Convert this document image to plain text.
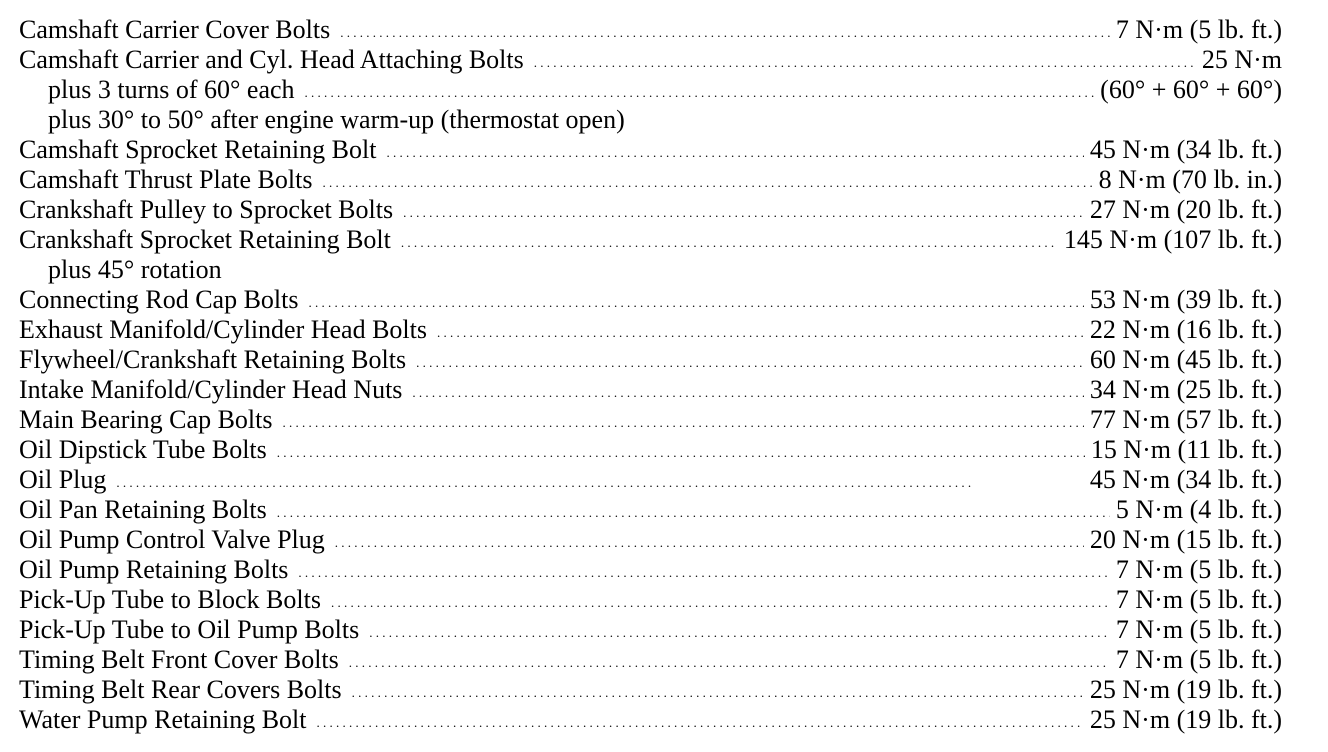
Camshaft Carrier Cover Bolts . . .	7 N·m (5 lb. ft.)
Camshaft Carrier and Cyl. Head Attaching Bolts . . .	25 N·m
plus 3 turns of 60° each . . .	(60° + 60° + 60°)
plus 30° to 50° after engine warm-up (thermostat open)
Camshaft Sprocket Retaining Bolt . . .	45 N·m (34 lb. ft.)
Camshaft Thrust Plate Bolts . . .	8 N·m (70 lb. in.)
Crankshaft Pulley to Sprocket Bolts . . .	27 N·m (20 lb. ft.)
Crankshaft Sprocket Retaining Bolt . . .	145 N·m (107 lb. ft.)
plus 45° rotation
Connecting Rod Cap Bolts . . .	53 N·m (39 lb. ft.)
Exhaust Manifold/Cylinder Head Bolts . . .	22 N·m (16 lb. ft.)
Flywheel/Crankshaft Retaining Bolts . . .	60 N·m (45 lb. ft.)
Intake Manifold/Cylinder Head Nuts . . .	34 N·m (25 lb. ft.)
Main Bearing Cap Bolts . . .	77 N·m (57 lb. ft.)
Oil Dipstick Tube Bolts . . .	15 N·m (11 lb. ft.)
Oil Plug . . .	45 N·m (34 lb. ft.)
Oil Pan Retaining Bolts . . .	5 N·m (4 lb. ft.)
Oil Pump Control Valve Plug . . .	20 N·m (15 lb. ft.)
Oil Pump Retaining Bolts . . .	7 N·m (5 lb. ft.)
Pick-Up Tube to Block Bolts . . .	7 N·m (5 lb. ft.)
Pick-Up Tube to Oil Pump Bolts . . .	7 N·m (5 lb. ft.)
Timing Belt Front Cover Bolts . . .	7 N·m (5 lb. ft.)
Timing Belt Rear Covers Bolts . . .	25 N·m (19 lb. ft.)
Water Pump Retaining Bolt . . .	25 N·m (19 lb. ft.)
